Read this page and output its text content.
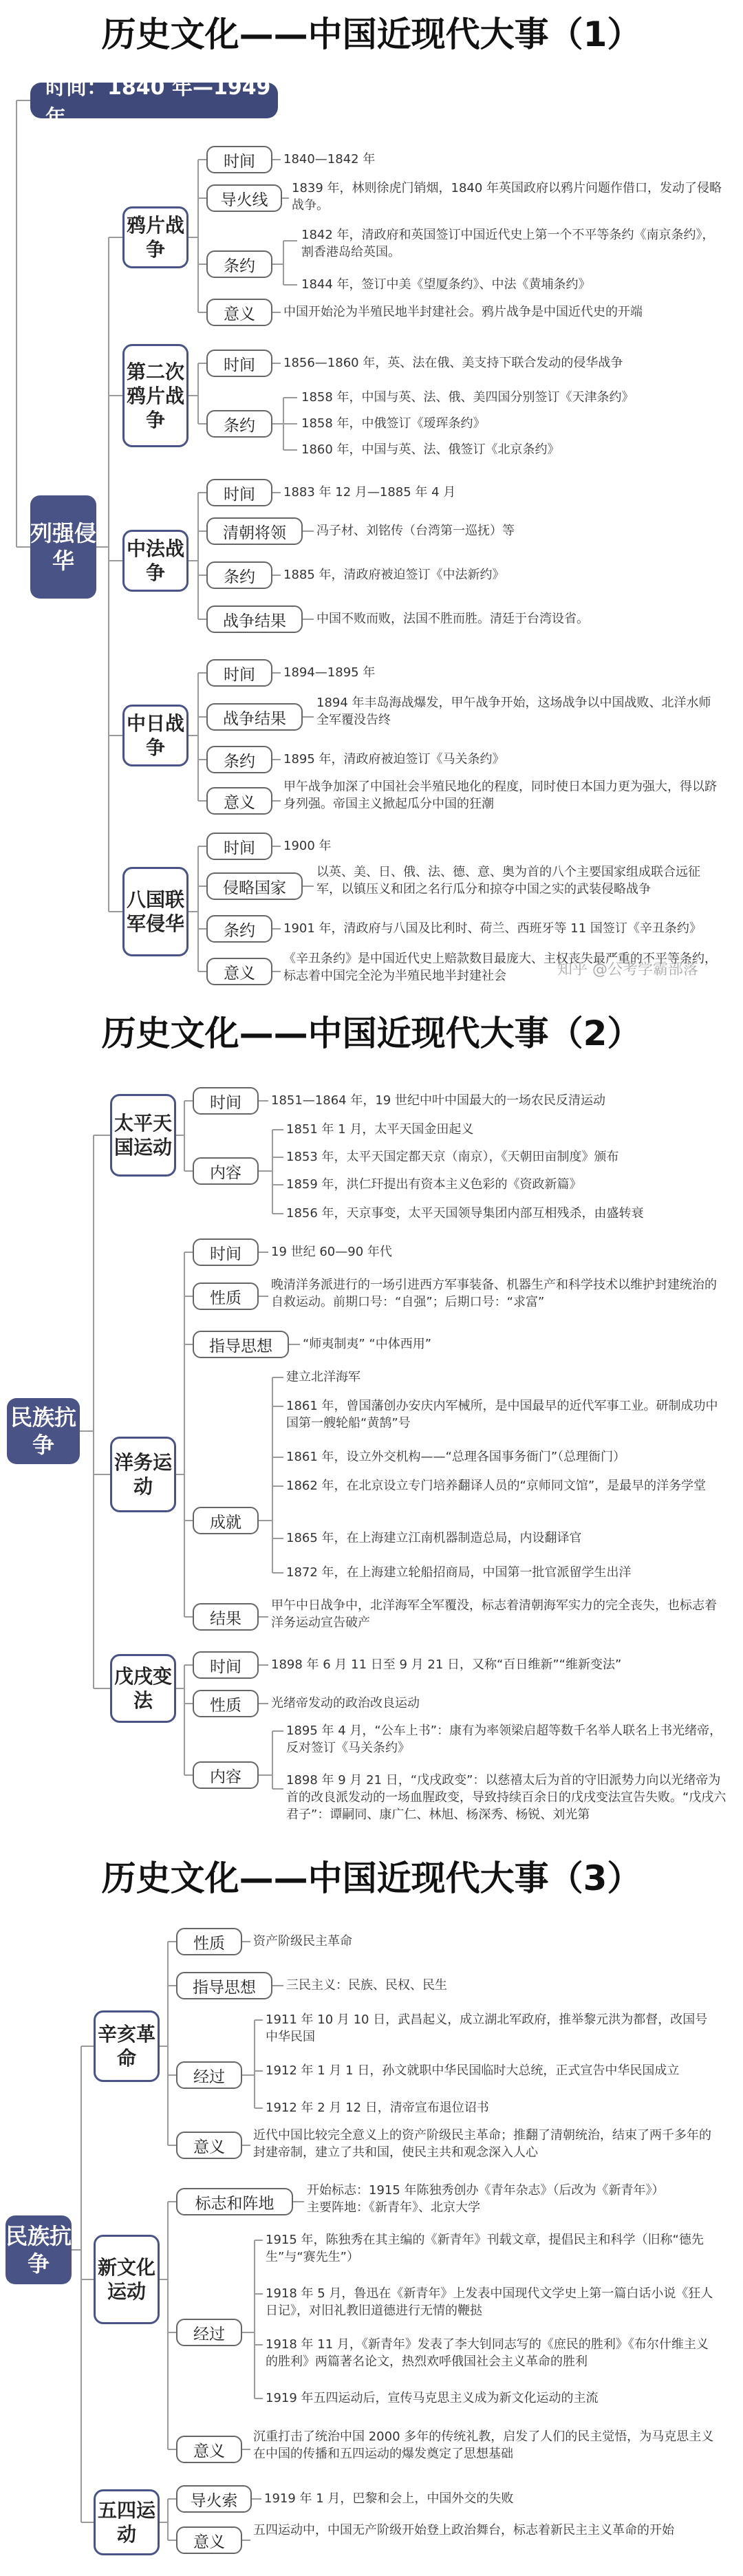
历史文化——中国近现代大事（1）
时间：1840 年—1949 年
列强侵华
鸦片战争
时间	1840—1842 年
导火线
1839 年，林则徐虎门销烟，1840 年英国政府以鸦片问题作借口，发动了侵略战争。
条约
1842 年，清政府和英国签订中国近代史上第一个不平等条约《南京条约》，割香港岛给英国。
1844 年，签订中美《望厦条约》、中法《黄埔条约》
意义	中国开始沦为半殖民地半封建社会。鸦片战争是中国近代史的开端
第二次鸦片战争
时间	1856—1860 年，英、法在俄、美支持下联合发动的侵华战争
条约
1858 年，中国与英、法、俄、美四国分别签订《天津条约》
1858 年，中俄签订《瑷珲条约》
1860 年，中国与英、法、俄签订《北京条约》
中法战争
时间	1883 年 12 月—1885 年 4 月
清朝将领	冯子材、刘铭传（台湾第一巡抚）等
条约	1885 年，清政府被迫签订《中法新约》
战争结果	中国不败而败，法国不胜而胜。清廷于台湾设省。
中日战争
时间	1894—1895 年
战争结果
1894 年丰岛海战爆发，甲午战争开始，这场战争以中国战败、北洋水师全军覆没告终
条约	1895 年，清政府被迫签订《马关条约》
意义
甲午战争加深了中国社会半殖民地化的程度，同时使日本国力更为强大，得以跻身列强。帝国主义掀起瓜分中国的狂潮
八国联军侵华
时间	1900 年
侵略国家
以英、美、日、俄、法、德、意、奥为首的八个主要国家组成联合远征军，以镇压义和团之名行瓜分和掠夺中国之实的武装侵略战争
条约	1901 年，清政府与八国及比利时、荷兰、西班牙等 11 国签订《辛丑条约》
意义
《辛丑条约》是中国近代史上赔款数目最庞大、主权丧失最严重的不平等条约，标志着中国完全沦为半殖民地半封建社会	知乎 @公考学霸部落
历史文化——中国近现代大事（2）
民族抗争
太平天国运动
时间	1851—1864 年，19 世纪中叶中国最大的一场农民反清运动
内容
1851 年 1 月，太平天国金田起义
1853 年，太平天国定都天京（南京），《天朝田亩制度》颁布
1859 年，洪仁玕提出有资本主义色彩的《资政新篇》
1856 年，天京事变，太平天国领导集团内部互相残杀，由盛转衰
洋务运动
时间	19 世纪 60—90 年代
性质
晚清洋务派进行的一场引进西方军事装备、机器生产和科学技术以维护封建统治的自救运动。前期口号：“自强”；后期口号：“求富”
指导思想	“师夷制夷” “中体西用”
成就
建立北洋海军
1861 年，曾国藩创办安庆内军械所，是中国最早的近代军事工业。研制成功中国第一艘轮船“黄鹄”号
1861 年，设立外交机构——“总理各国事务衙门”（总理衙门）
1862 年，在北京设立专门培养翻译人员的“京师同文馆”，是最早的洋务学堂
1865 年，在上海建立江南机器制造总局，内设翻译官
1872 年，在上海建立轮船招商局，中国第一批官派留学生出洋
结果
甲午中日战争中，北洋海军全军覆没，标志着清朝海军实力的完全丧失，也标志着洋务运动宣告破产
戊戌变法
时间	1898 年 6 月 11 日至 9 月 21 日，又称“百日维新”“维新变法”
性质	光绪帝发动的政治改良运动
内容
1895 年 4 月，“公车上书”：康有为率领梁启超等数千名举人联名上书光绪帝，反对签订《马关条约》
1898 年 9 月 21 日，“戊戌政变”：以慈禧太后为首的守旧派势力向以光绪帝为首的改良派发动的一场血腥政变，导致持续百余日的戊戌变法宣告失败。“戊戌六君子”：谭嗣同、康广仁、林旭、杨深秀、杨锐、刘光第
历史文化——中国近现代大事（3）
民族抗争
辛亥革命
性质	资产阶级民主革命
指导思想	三民主义：民族、民权、民生
经过
1911 年 10 月 10 日，武昌起义，成立湖北军政府，推举黎元洪为都督，改国号中华民国
1912 年 1 月 1 日，孙文就职中华民国临时大总统，正式宣告中华民国成立
1912 年 2 月 12 日，清帝宣布退位诏书
意义
近代中国比较完全意义上的资产阶级民主革命；推翻了清朝统治，结束了两千多年的封建帝制，建立了共和国，使民主共和观念深入人心
新文化运动
标志和阵地
开始标志：1915 年陈独秀创办《青年杂志》（后改为《新青年》）
主要阵地：《新青年》、北京大学
经过
1915 年，陈独秀在其主编的《新青年》刊载文章，提倡民主和科学（旧称“德先生”与“赛先生”）
1918 年 5 月，鲁迅在《新青年》上发表中国现代文学史上第一篇白话小说《狂人日记》，对旧礼教旧道德进行无情的鞭挞
1918 年 11 月，《新青年》发表了李大钊同志写的《庶民的胜利》《布尔什维主义的胜利》两篇著名论文，热烈欢呼俄国社会主义革命的胜利
1919 年五四运动后，宣传马克思主义成为新文化运动的主流
意义
沉重打击了统治中国 2000 多年的传统礼教，启发了人们的民主觉悟，为马克思主义在中国的传播和五四运动的爆发奠定了思想基础
五四运动
导火索	1919 年 1 月，巴黎和会上，中国外交的失败
意义
五四运动中，中国无产阶级开始登上政治舞台，标志着新民主主义革命的开始
